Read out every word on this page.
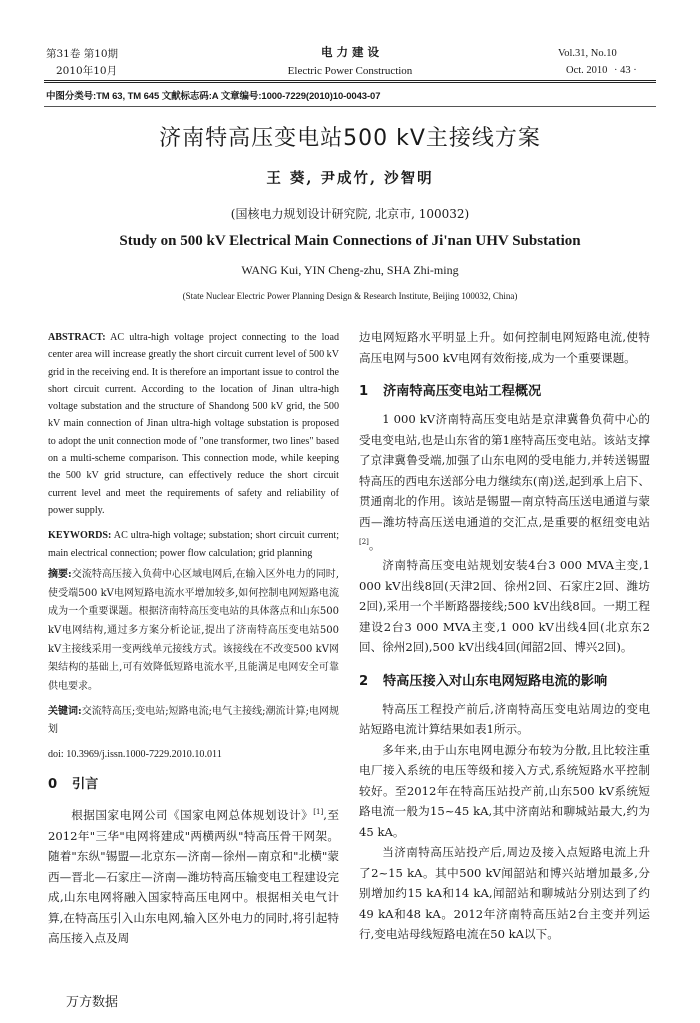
第31卷 第10期
2010年10月
电 力 建 设
Electric Power Construction
Vol.31, No.10
Oct. 2010 · 43 ·
中图分类号:TM 63, TM 645 文献标志码:A 文章编号:1000-7229(2010)10-0043-07
济南特高压变电站500 kV主接线方案
王 葵, 尹成竹, 沙智明
(国核电力规划设计研究院, 北京市, 100032)
Study on 500 kV Electrical Main Connections of Ji'nan UHV Substation
WANG Kui, YIN Cheng-zhu, SHA Zhi-ming
(State Nuclear Electric Power Planning Design & Research Institute, Beijing 100032, China)

ABSTRACT: AC ultra-high voltage project connecting to the load center area will increase greatly the short circuit current level of 500 kV grid in the receiving end. It is therefore an important issue to control the short circuit current. According to the location of Jinan ultra-high voltage substation and the structure of Shandong 500 kV grid, the 500 kV main connection of Jinan ultra-high voltage substation is proposed to adopt the unit connection mode of "one transformer, two lines" based on a multi-scheme comparison. This connection mode, while keeping the 500 kV grid structure, can effectively reduce the short circuit current level and meet the requirements of safety and reliability of power supply.

KEYWORDS: AC ultra-high voltage; substation; short circuit current; main electrical connection; power flow calculation; grid planning

摘要:交流特高压接入负荷中心区域电网后,在输入区外电力的同时,使受端500 kV电网短路电流水平增加较多,如何控制电网短路电流成为一个重要课题。根据济南特高压变电站的具体落点和山东500 kV电网结构,通过多方案分析论证,提出了济南特高压变电站500 kV主接线采用一变两线单元接线方式。该接线在不改变500 kV网架结构的基础上,可有效降低短路电流水平,且能满足电网安全可靠供电要求。

关键词:交流特高压;变电站;短路电流;电气主接线;潮流计算;电网规划

doi: 10.3969/j.issn.1000-7229.2010.10.011

0 引言

根据国家电网公司《国家电网总体规划设计》[1],至2012年"三华"电网将建成"两横两纵"特高压骨干网架。随着"东纵"锡盟—北京东—济南—徐州—南京和"北横"蒙西—晋北—石家庄—济南—潍坊特高压输变电工程建设完成,山东电网将融入国家特高压电网中。根据相关电气计算,在特高压引入山东电网,输入区外电力的同时,将引起特高压接入点及周

边电网短路水平明显上升。如何控制电网短路电流,使特高压电网与500 kV电网有效衔接,成为一个重要课题。

1 济南特高压变电站工程概况

1 000 kV济南特高压变电站是京津冀鲁负荷中心的受电变电站,也是山东省的第1座特高压变电站。该站支撑了京津冀鲁受端,加强了山东电网的受电能力,并转送锡盟特高压的西电东送部分电力继续东(南)送,起到承上启下、贯通南北的作用。该站是锡盟—南京特高压送电通道与蒙西—潍坊特高压送电通道的交汇点,是重要的枢纽变电站[2]。

济南特高压变电站规划安装4台3 000 MVA主变,1 000 kV出线8回(天津2回、徐州2回、石家庄2回、潍坊2回),采用一个半断路器接线;500 kV出线8回。一期工程建设2台3 000 MVA主变,1 000 kV出线4回(北京东2回、徐州2回),500 kV出线4回(闻韶2回、博兴2回)。

2 特高压接入对山东电网短路电流的影响

特高压工程投产前后,济南特高压变电站周边的变电站短路电流计算结果如表1所示。

多年来,由于山东电网电源分布较为分散,且比较注重电厂接入系统的电压等级和接入方式,系统短路水平控制较好。至2012年在特高压站投产前,山东500 kV系统短路电流一般为15~45 kA,其中济南站和聊城站最大,约为45 kA。

当济南特高压站投产后,周边及接入点短路电流上升了2~15 kA。其中500 kV闻韶站和博兴站增加最多,分别增加约15 kA和14 kA,闻韶站和聊城站分别达到了约49 kA和48 kA。2012年济南特高压站2台主变并列运行,变电站母线短路电流在50 kA以下。

万方数据
